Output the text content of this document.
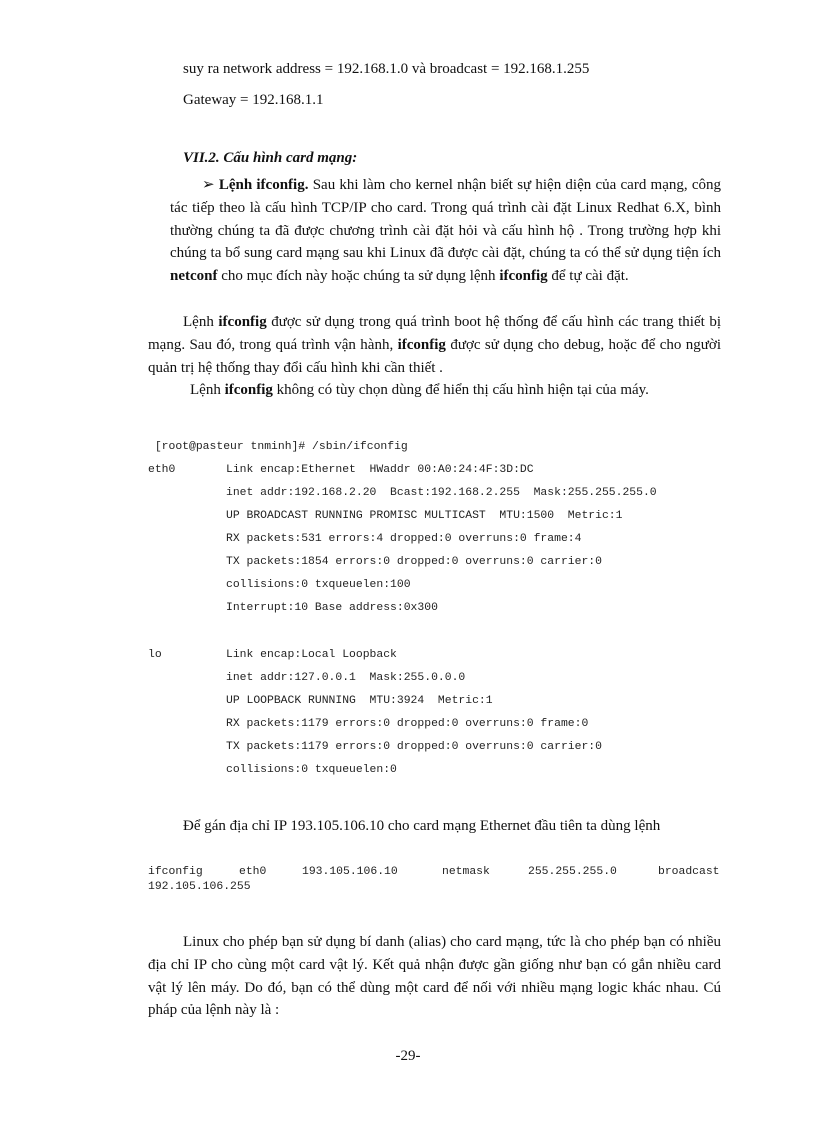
suy ra network address = 192.168.1.0 và broadcast = 192.168.1.255
Gateway = 192.168.1.1
VII.2. Cấu hình card mạng:
➢ Lệnh ifconfig. Sau khi làm cho kernel nhận biết sự hiện diện của card mạng, công tác tiếp theo là cấu hình TCP/IP cho card. Trong quá trình cài đặt Linux Redhat 6.X, bình thường chúng ta đã được chương trình cài đặt hỏi và cấu hình hộ . Trong trường hợp khi chúng ta bổ sung card mạng sau khi Linux đã được cài đặt, chúng ta có thể sử dụng tiện ích netconf cho mục đích này hoặc chúng ta sử dụng lệnh ifconfig để tự cài đặt.
Lệnh ifconfig được sử dụng trong quá trình boot hệ thống để cấu hình các trang thiết bị mạng. Sau đó, trong quá trình vận hành, ifconfig được sử dụng cho debug, hoặc để cho người quản trị hệ thống thay đổi cấu hình khi cần thiết .
Lệnh ifconfig không có tùy chọn dùng để hiển thị cấu hình hiện tại của máy.
[root@pasteur tnminh]# /sbin/ifconfig
eth0	Link encap:Ethernet  HWaddr 00:A0:24:4F:3D:DC
inet addr:192.168.2.20  Bcast:192.168.2.255  Mask:255.255.255.0
UP BROADCAST RUNNING PROMISC MULTICAST  MTU:1500  Metric:1
RX packets:531 errors:4 dropped:0 overruns:0 frame:4
TX packets:1854 errors:0 dropped:0 overruns:0 carrier:0
collisions:0 txqueuelen:100
Interrupt:10 Base address:0x300
lo	Link encap:Local Loopback
inet addr:127.0.0.1  Mask:255.0.0.0
UP LOOPBACK RUNNING  MTU:3924  Metric:1
RX packets:1179 errors:0 dropped:0 overruns:0 frame:0
TX packets:1179 errors:0 dropped:0 overruns:0 carrier:0
collisions:0 txqueuelen:0
Để gán địa chỉ IP 193.105.106.10 cho card mạng Ethernet đầu tiên ta dùng lệnh
ifconfig	eth0	193.105.106.10	netmask	255.255.255.0	broadcast
192.105.106.255
Linux cho phép bạn sử dụng bí danh (alias) cho card mạng, tức là cho phép bạn có nhiều địa chỉ IP cho cùng một card vật lý. Kết quả nhận được gần giống như bạn có gắn nhiều card vật lý lên máy. Do đó, bạn có thể dùng một card để nối với nhiều mạng logic khác nhau. Cú pháp của lệnh này là :
-29-
